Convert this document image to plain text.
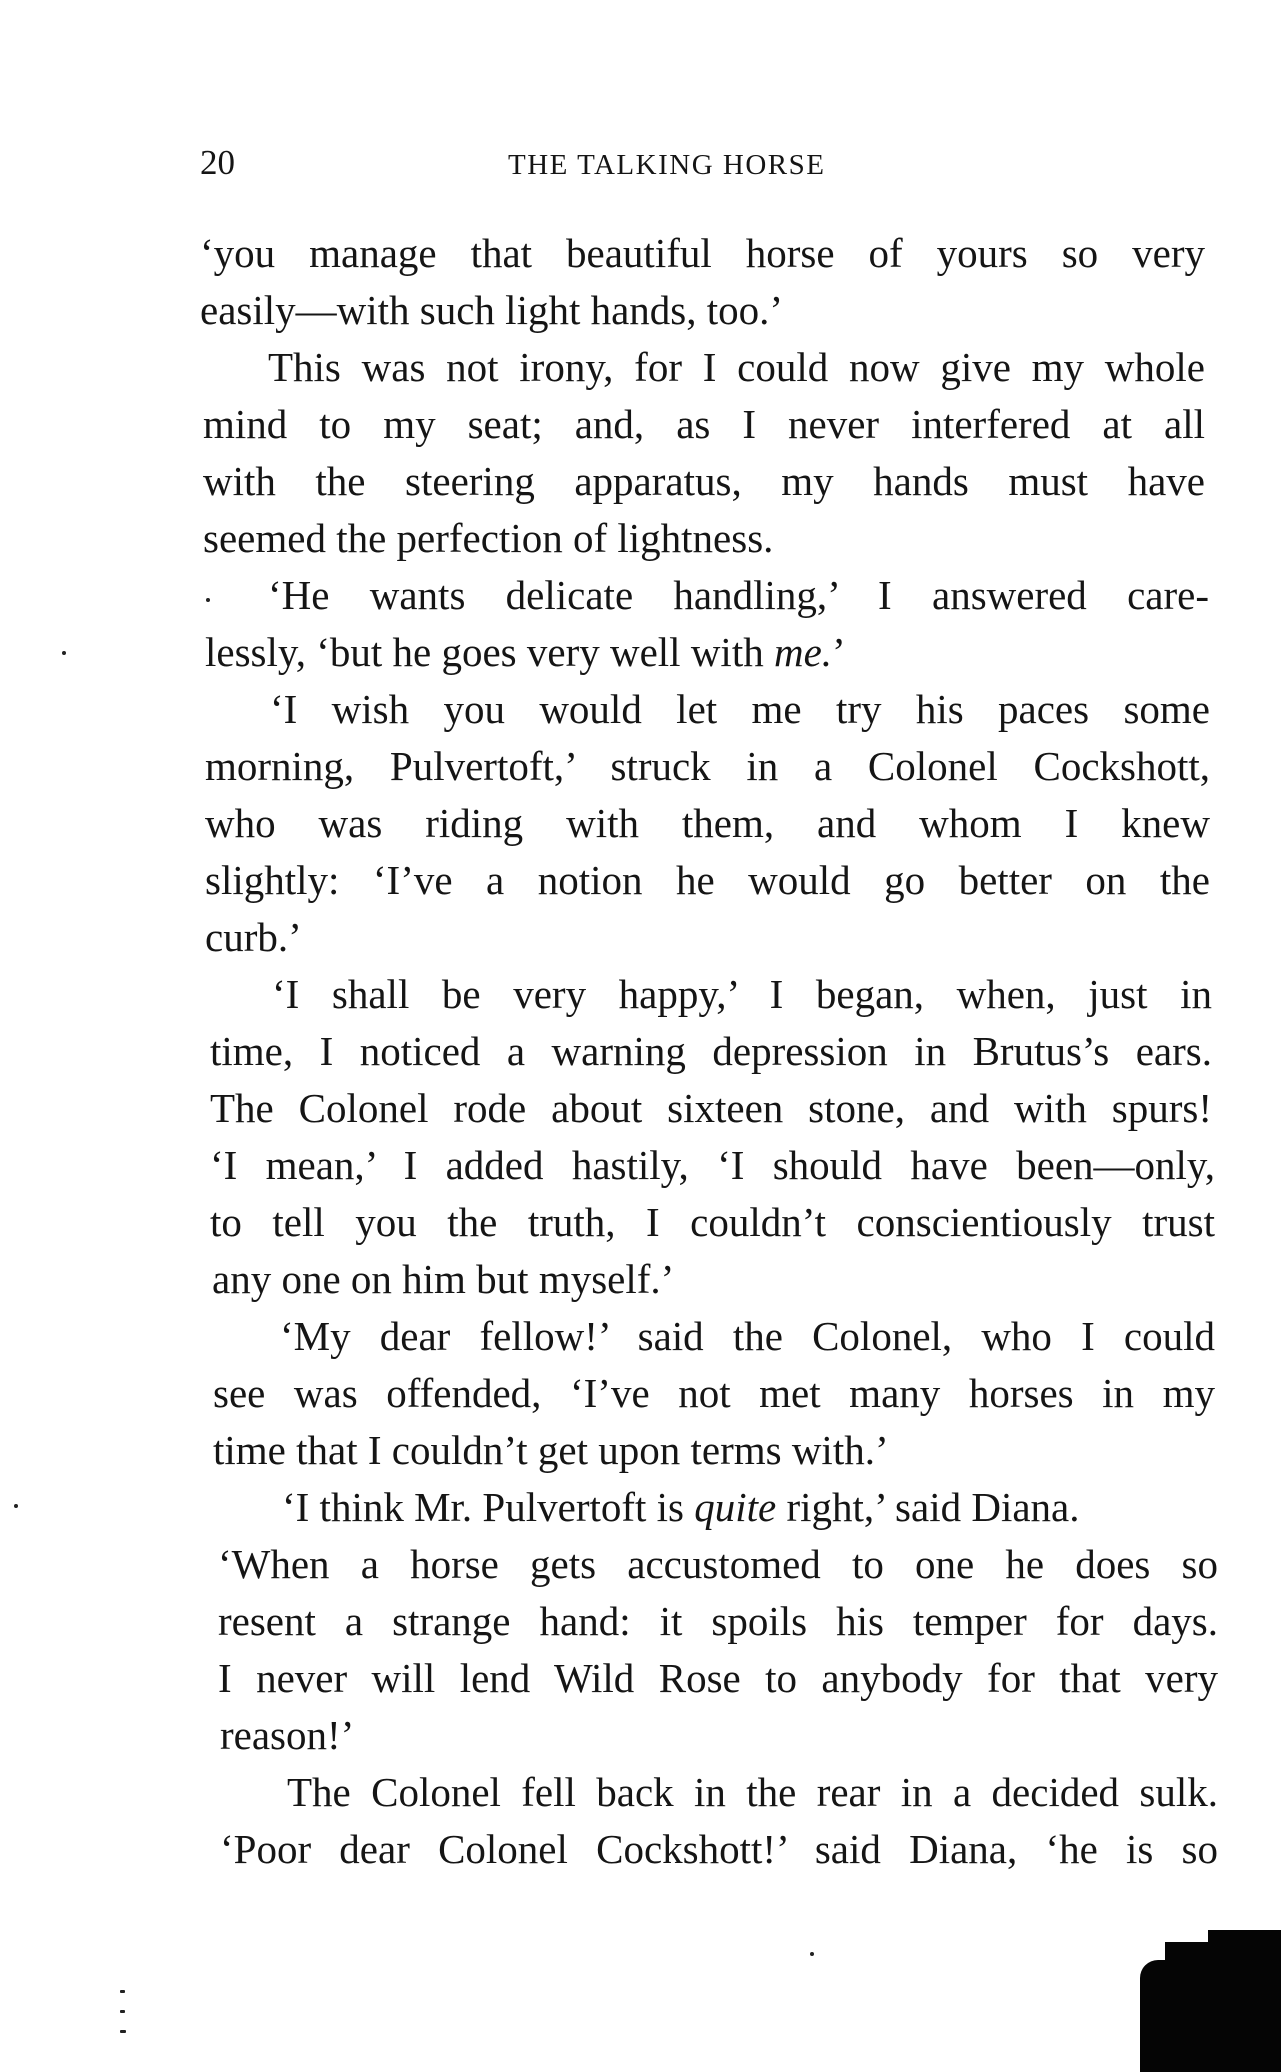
20	THE TALKING HORSE
‘you manage that beautiful horse of yours so very
easily—with such light hands, too.’
This was not irony, for I could now give my whole
mind to my seat; and, as I never interfered at all
with the steering apparatus, my hands must have
seemed the perfection of lightness.
‘He wants delicate handling,’ I answered care-
lessly, ‘but he goes very well with me.’
‘I wish you would let me try his paces some
morning, Pulvertoft,’ struck in a Colonel Cockshott,
who was riding with them, and whom I knew
slightly: ‘I’ve a notion he would go better on the
curb.’
‘I shall be very happy,’ I began, when, just in
time, I noticed a warning depression in Brutus’s ears.
The Colonel rode about sixteen stone, and with spurs!
‘I mean,’ I added hastily, ‘I should have been—only,
to tell you the truth, I couldn’t conscientiously trust
any one on him but myself.’
‘My dear fellow!’ said the Colonel, who I could
see was offended, ‘I’ve not met many horses in my
time that I couldn’t get upon terms with.’
‘I think Mr. Pulvertoft is quite right,’ said Diana.
‘When a horse gets accustomed to one he does so
resent a strange hand: it spoils his temper for days.
I never will lend Wild Rose to anybody for that very
reason!’
The Colonel fell back in the rear in a decided sulk.
‘Poor dear Colonel Cockshott!’ said Diana, ‘he is so
